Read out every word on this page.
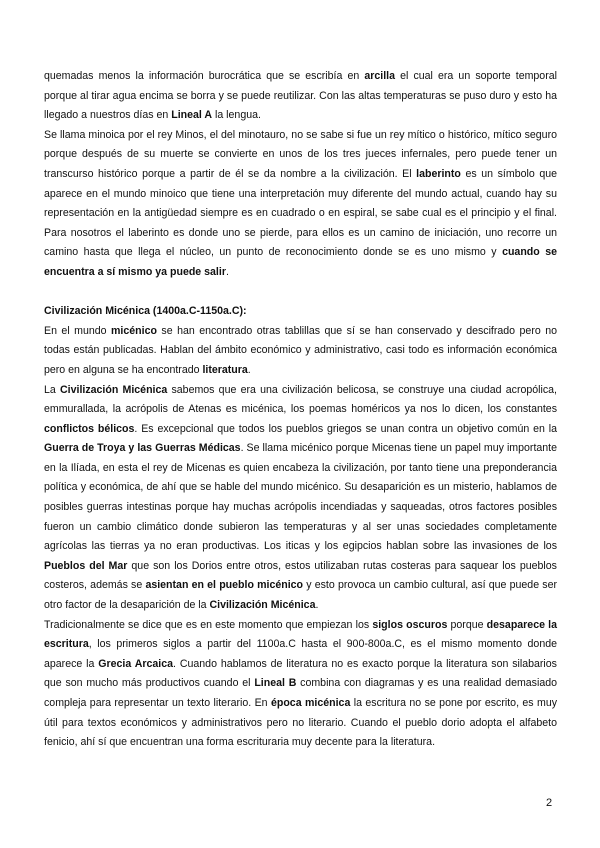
quemadas menos la información burocrática que se escribía en arcilla el cual era un soporte temporal porque al tirar agua encima se borra y se puede reutilizar. Con las altas temperaturas se puso duro y esto ha llegado a nuestros días en Lineal A la lengua.

Se llama minoica por el rey Minos, el del minotauro, no se sabe si fue un rey mítico o histórico, mítico seguro porque después de su muerte se convierte en unos de los tres jueces infernales, pero puede tener un transcurso histórico porque a partir de él se da nombre a la civilización. El laberinto es un símbolo que aparece en el mundo minoico que tiene una interpretación muy diferente del mundo actual, cuando hay su representación en la antigüedad siempre es en cuadrado o en espiral, se sabe cual es el principio y el final. Para nosotros el laberinto es donde uno se pierde, para ellos es un camino de iniciación, uno recorre un camino hasta que llega el núcleo, un punto de reconocimiento donde se es uno mismo y cuando se encuentra a sí mismo ya puede salir.

Civilización Micénica (1400a.C-1150a.C):

En el mundo micénico se han encontrado otras tablillas que sí se han conservado y descifrado pero no todas están publicadas. Hablan del ámbito económico y administrativo, casi todo es información económica pero en alguna se ha encontrado literatura.

La Civilización Micénica sabemos que era una civilización belicosa, se construye una ciudad acropólica, emmurallada, la acrópolis de Atenas es micénica, los poemas homéricos ya nos lo dicen, los constantes conflictos bélicos. Es excepcional que todos los pueblos griegos se unan contra un objetivo común en la Guerra de Troya y las Guerras Médicas. Se llama micénico porque Micenas tiene un papel muy importante en la Ilíada, en esta el rey de Micenas es quien encabeza la civilización, por tanto tiene una preponderancia política y económica, de ahí que se hable del mundo micénico. Su desaparición es un misterio, hablamos de posibles guerras intestinas porque hay muchas acrópolis incendiadas y saqueadas, otros factores posibles fueron un cambio climático donde subieron las temperaturas y al ser unas sociedades completamente agrícolas las tierras ya no eran productivas. Los iticas y los egipcios hablan sobre las invasiones de los Pueblos del Mar que son los Dorios entre otros, estos utilizaban rutas costeras para saquear los pueblos costeros, además se asientan en el pueblo micénico y esto provoca un cambio cultural, así que puede ser otro factor de la desaparición de la Civilización Micénica.

Tradicionalmente se dice que es en este momento que empiezan los siglos oscuros porque desaparece la escritura, los primeros siglos a partir del 1100a.C hasta el 900-800a.C, es el mismo momento donde aparece la Grecia Arcaica. Cuando hablamos de literatura no es exacto porque la literatura son silabarios que son mucho más productivos cuando el Lineal B combina con diagramas y es una realidad demasiado compleja para representar un texto literario. En época micénica la escritura no se pone por escrito, es muy útil para textos económicos y administrativos pero no literario. Cuando el pueblo dorio adopta el alfabeto fenicio, ahí sí que encuentran una forma escrituraria muy decente para la literatura.

2
